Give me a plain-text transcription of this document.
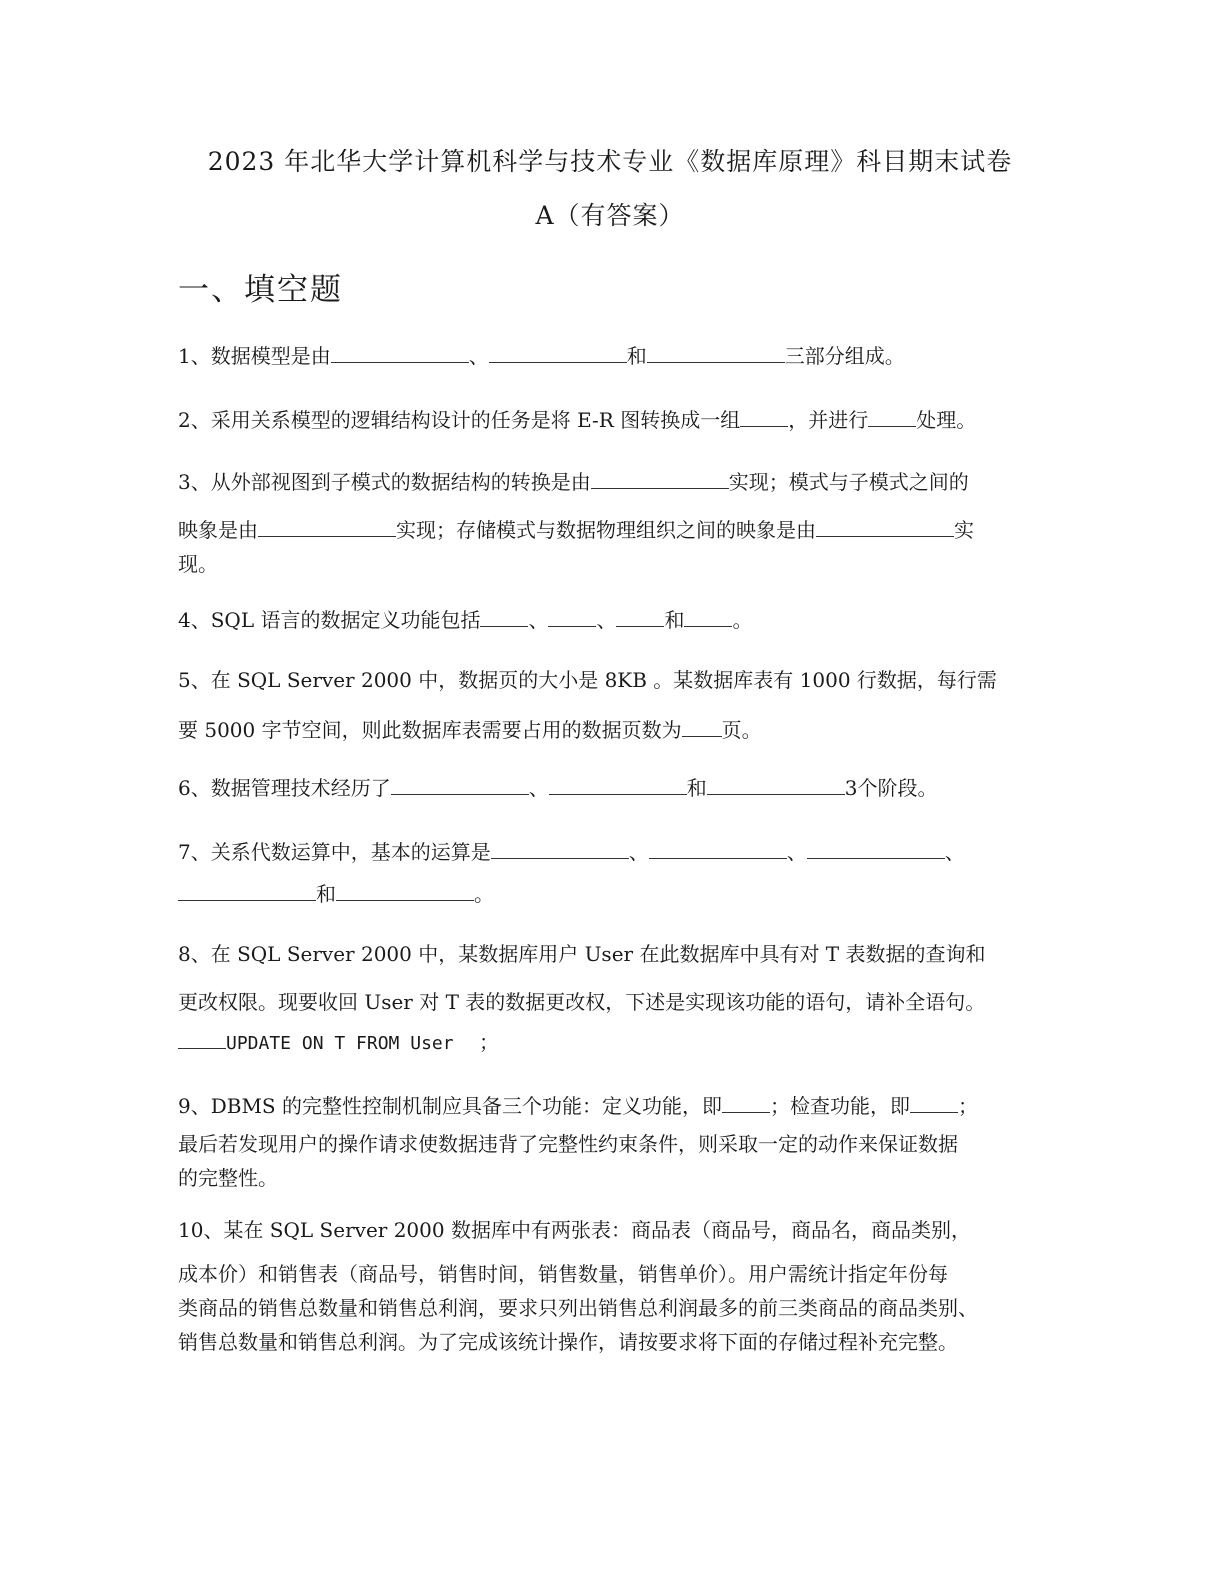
2023 年北华大学计算机科学与技术专业《数据库原理》科目期末试卷
A（有答案）
一、填空题
1、数据模型是由	、	和	三部分组成。
2、采用关系模型的逻辑结构设计的任务是将 E-R 图转换成一组 ，并进行 处理。
3、从外部视图到子模式的数据结构的转换是由	实现；模式与子模式之间的
映象是由	实现；存储模式与数据物理组织之间的映象是由	实
现。
4、SQL 语言的数据定义功能包括 、 、 和 。
5、在 SQL Server 2000 中，数据页的大小是 8KB 。某数据库表有 1000 行数据，每行需
要 5000 字节空间，则此数据库表需要占用的数据页数为 页。
6、数据管理技术经历了	、	和	3个阶段。
7、关系代数运算中，基本的运算是	、	、	、
和	。
8、在 SQL Server 2000 中，某数据库用户 User 在此数据库中具有对 T 表数据的查询和
更改权限。现要收回 User 对 T 表的数据更改权，下述是实现该功能的语句，请补全语句。
UPDATE ON T FROM User ；
9、DBMS 的完整性控制机制应具备三个功能：定义功能，即 ；检查功能，即 ；
最后若发现用户的操作请求使数据违背了完整性约束条件，则采取一定的动作来保证数据
的完整性。
10、某在 SQL Server 2000 数据库中有两张表：商品表（商品号，商品名，商品类别，
成本价）和销售表（商品号，销售时间，销售数量，销售单价）。用户需统计指定年份每
类商品的销售总数量和销售总利润，要求只列出销售总利润最多的前三类商品的商品类别、
销售总数量和销售总利润。为了完成该统计操作，请按要求将下面的存储过程补充完整。
